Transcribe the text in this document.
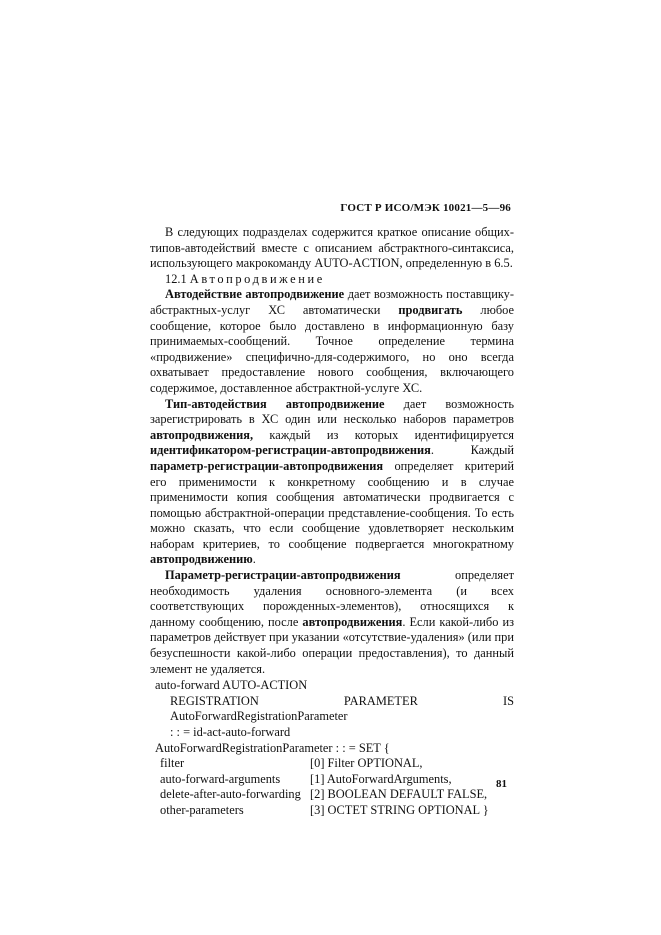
ГОСТ Р ИСО/МЭК 10021—5—96

В следующих подразделах содержится краткое описание общих-типов-автодействий вместе с описанием абстрактного-синтаксиса, использующего макрокоманду AUTO-ACTION, определенную в 6.5.

12.1 Автопродвижение

Автодействие автопродвижение дает возможность поставщику-абстрактных-услуг ХС автоматически продвигать любое сообщение, которое было доставлено в информационную базу принимаемых-сообщений. Точное определение термина «продвижение» специфично-для-содержимого, но оно всегда охватывает предоставление нового сообщения, включающего содержимое, доставленное абстрактной-услуге ХС.

Тип-автодействия автопродвижение дает возможность зарегистрировать в ХС один или несколько наборов параметров автопродвижения, каждый из которых идентифицируется идентификатором-регистрации-автопродвижения. Каждый параметр-регистрации-автопродвижения определяет критерий его применимости к конкретному сообщению и в случае применимости копия сообщения автоматически продвигается с помощью абстрактной-операции представление-сообщения. То есть можно сказать, что если сообщение удовлетворяет нескольким наборам критериев, то сообщение подвергается многократному автопродвижению.

Параметр-регистрации-автопродвижения определяет необходимость удаления основного-элемента (и всех соответствующих порожденных-элементов), относящихся к данному сообщению, после автопродвижения. Если какой-либо из параметров действует при указании «отсутствие-удаления» (или при безуспешности какой-либо операции предоставления), то данный элемент не удаляется.

auto-forward AUTO-ACTION
REGISTRATION PARAMETER IS AutoForwardRegistrationParameter
: : = id-act-auto-forward
AutoForwardRegistrationParameter : : = SET {
filter	[0] Filter OPTIONAL,
auto-forward-arguments	[1] AutoForwardArguments,
delete-after-auto-forwarding [2] BOOLEAN DEFAULT FALSE,
other-parameters	[3] OCTET STRING OPTIONAL }
81
